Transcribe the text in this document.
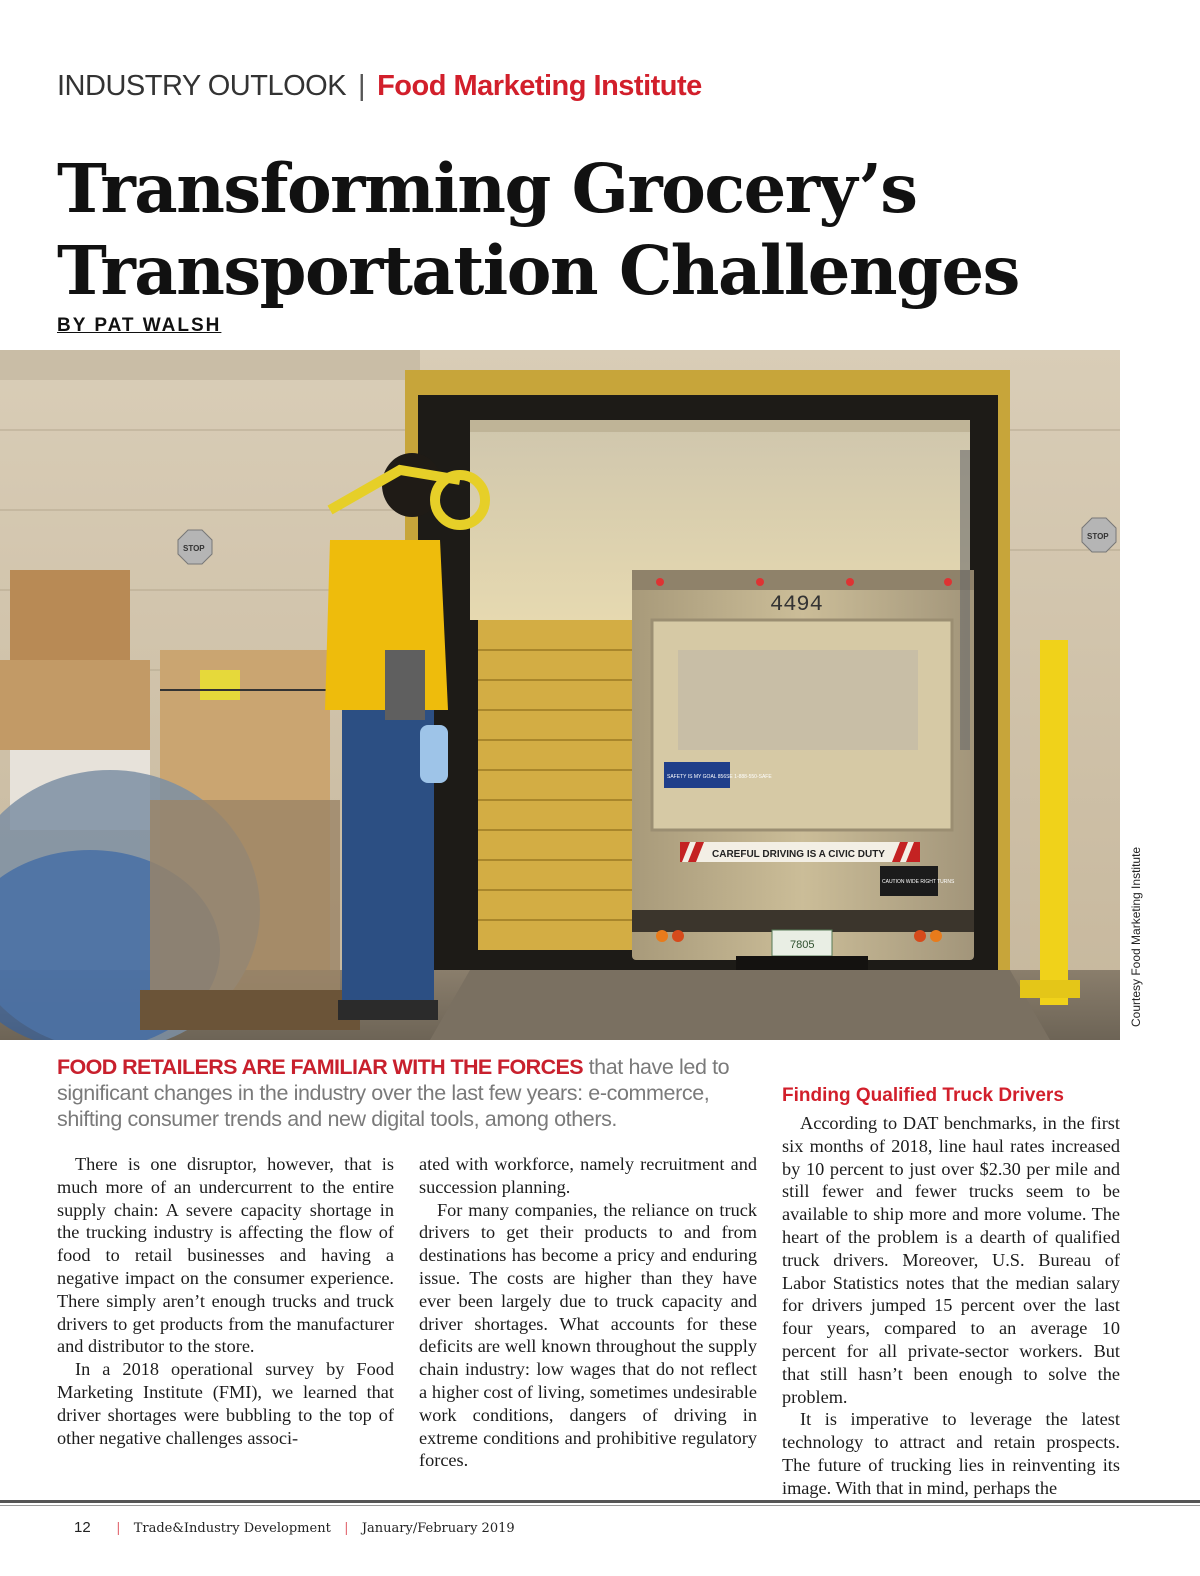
INDUSTRY OUTLOOK | Food Marketing Institute
Transforming Grocery’s
Transportation Challenges
BY PAT WALSH
4494
SAFETY IS MY GOAL 856SE 1-888-550-SAFE
CAREFUL DRIVING IS A CIVIC DUTY
CAUTION WIDE RIGHT TURNS
7805
STOP
STOP
Courtesy Food Marketing Institute
FOOD RETAILERS ARE FAMILIAR WITH THE FORCES that have led to significant changes in the industry over the last few years: e-commerce, shifting consumer trends and new digital tools, among others.

There is one disruptor, however, that is much more of an undercurrent to the entire supply chain: A severe capacity shortage in the trucking industry is affecting the flow of food to retail businesses and having a negative impact on the consumer experience. There simply aren’t enough trucks and truck drivers to get products from the manufacturer and distributor to the store.

In a 2018 operational survey by Food Marketing Institute (FMI), we learned that driver shortages were bubbling to the top of other negative challenges associ-

ated with workforce, namely recruitment and succession planning.

For many companies, the reliance on truck drivers to get their products to and from destinations has become a pricy and enduring issue. The costs are higher than they have ever been largely due to truck capacity and driver shortages. What accounts for these deficits are well known throughout the supply chain industry: low wages that do not reflect a higher cost of living, sometimes undesirable work conditions, dangers of driving in extreme conditions and prohibitive regulatory forces.

Finding Qualified Truck Drivers

According to DAT benchmarks, in the first six months of 2018, line haul rates increased by 10 percent to just over $2.30 per mile and still fewer and fewer trucks seem to be available to ship more and more volume. The heart of the problem is a dearth of qualified truck drivers. Moreover, U.S. Bureau of Labor Statistics notes that the median salary for drivers jumped 15 percent over the last four years, compared to an average 10 percent for all private-sector workers. But that still hasn’t been enough to solve the problem.

It is imperative to leverage the latest technology to attract and retain prospects. The future of trucking lies in reinventing its image. With that in mind, perhaps the

12 | Trade&Industry Development | January/February 2019
